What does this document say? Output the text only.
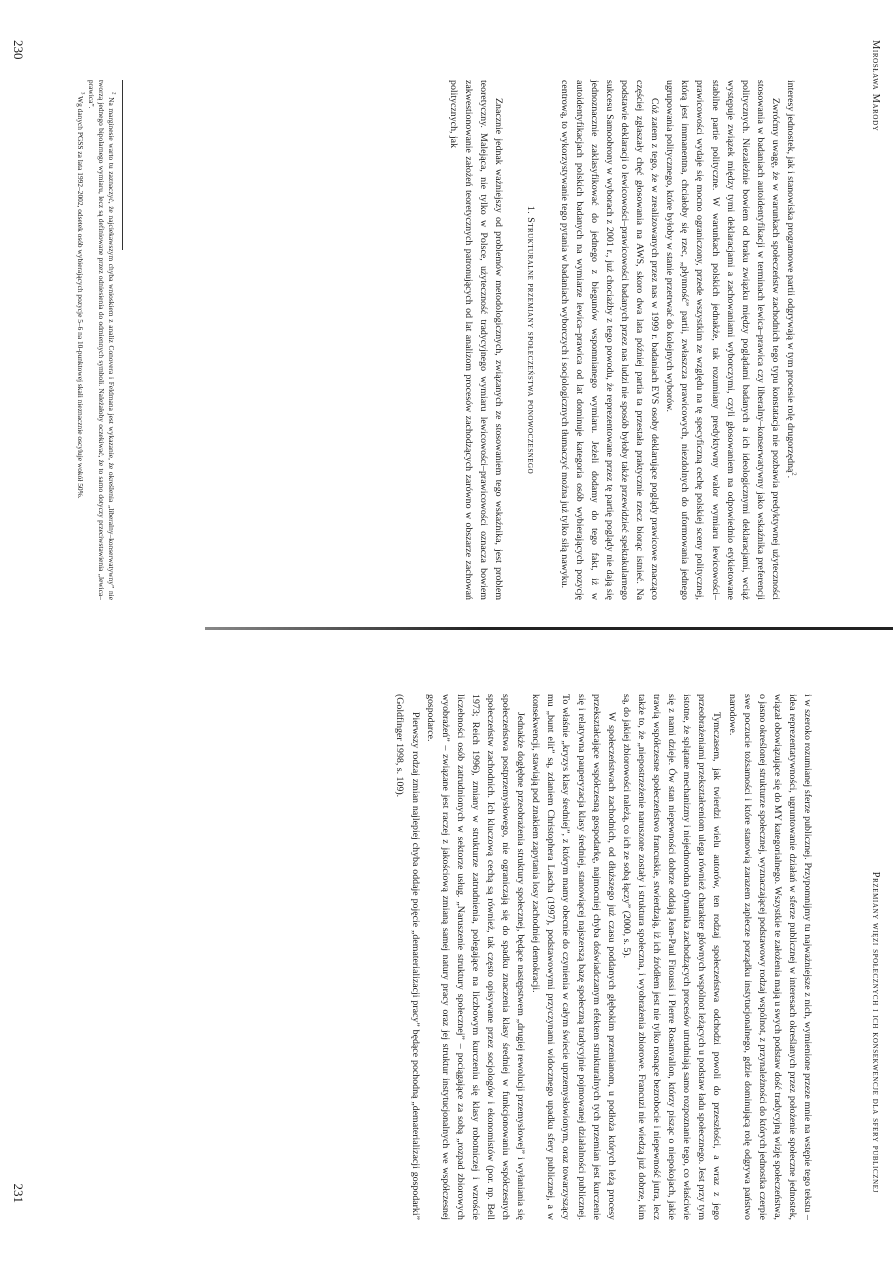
Mirosława Marody

interesy jednostek, jak i stanowiska programowe partii odgrywają w tym procesie rolę drugorzędną$^2$.

Zwróćmy uwagę, że w warunkach społeczeństw zachodnich tego typu konstatacja nie pozbawia predyktywnej użyteczności stosowania w badaniach autoidentyfikacji w terminach lewica–prawica czy liberalny–konserwatywny jako wskaźnika preferencji politycznych. Niezależnie bowiem od braku związku między poglądami badanych a ich ideologicznymi deklaracjami, wciąż występuje związek między tymi deklaracjami a zachowaniami wyborczymi, czyli głosowaniem na odpowiednio etykietowane stabilne partie polityczne. W warunkach polskich jednakże, tak rozumiany predyktywny walor wymiaru lewicowości–prawicowości wydaje się mocno ograniczony, przede wszystkim ze względu na tę specyficzną cechę polskiej sceny politycznej, którą jest immanentna, chciałoby się rzec, „płynność” partii, zwłaszcza prawicowych, niezdolnych do uformowania jednego ugrupowania politycznego, które byłoby w stanie przetrwać do kolejnych wyborów.

Cóż zatem z tego, że w zrealizowanych przez nas w 1999 r. badaniach EVS osoby deklarujące poglądy prawicowe znacząco częściej zgłaszały chęć głosowania na AWS, skoro dwa lata później partia ta przestała praktycznie rzecz biorąc istnieć. Na podstawie deklaracji o lewicowości–prawicowości badanych przez nas ludzi nie sposób byłoby także przewidzieć spektakularnego sukcesu Samoobrony w wyborach z 2001 r., już chociażby z tego powodu, że reprezentowane przez tę partię poglądy nie dają się jednoznacznie zaklasyfikować do jednego z biegunów wspomnianego wymiaru. Jeżeli dodamy do tego fakt, iż w autoidentyfikacjach polskich badanych na wymiarze lewica–prawica od lat dominuje kategoria osób wybierających pozycję centrową, to wykorzystywanie tego pytania w badaniach wyborczych i socjologicznych tłumaczyć można już tylko siłą nawyku.

1. Strukturalne przemiany społeczeństwa ponowoczesnego

Znacznie jednak ważniejszy od problemów metodologicznych, związanych ze stosowaniem tego wskaźnika, jest problem teoretyczny. Malejąca, nie tylko w Polsce, użyteczność tradycyjnego wymiaru lewicowości–prawicowości oznacza bowiem zakwestionowanie założeń teoretycznych patronujących od lat analizom procesów zachodzących zarówno w obszarze zachowań politycznych, jak

$^2$ Na marginesie warto tu zaznaczyć, że najciekawszym chyba wnioskiem z analiz Conovera i Feldmana jest wykazanie, że określenia „liberalny–konserwatywny” nie tworzą jednego bipolarnego wymiaru, lecz są definiowane przez odniesienia do odmiennych symboli. Należałoby oczekiwać, że to samo dotyczy przeciwstawienia „lewica–prawica”.

$^3$ Wg danych PGSS za lata 1992–2002, odsetek osób wybierających pozycje 5–6 na 10-punktowej skali nieznacznie oscyluje wokół 50%.

230
Przemiany więzi społecznych i ich konsekwencje dla sfery publicznej

i w szeroko rozumianej sferze publicznej. Przypomnijmy tu najważniejsze z nich, wymienione przeze mnie na wstępie tego tekstu – idea reprezentatywności, ugruntowanie działań w sferze publicznej w interesach określanych przez położenie społeczne jednostek, wiązał obowiązujące się do MY kategorialnego. Wszystkie te założenia mają u swych podstaw dość tradycyjną wizję społeczeństwa, o jasno określonej strukturze społecznej, wyznaczającej podstawowy rodzaj wspólnot, z przynależności do których jednostka czerpie swe poczucie tożsamości i które stanowią zarazem zaplecze porządku instytucjonalnego, gdzie dominującą rolę odgrywa państwo narodowe.

Tymczasem, jak twierdzi wielu autorów, ten rodzaj społeczeństwa odchodzi powoli do przeszłości, a wraz z jego przeobrażeniami przekształceniom ulega również charakter głównych wspólnot leżących u podstaw ładu społecznego. Jest przy tym istotne, że splątane mechanizmy i niejednorodna dynamika zachodzących procesów utrudniają samo rozpoznanie tego, co właściwie się z nami dzieje. Ów stan niepewności dobrze oddają Jean-Paul Fitoussi i Pierre Rosanvallon, którzy pisząc o niepokojach, jakie trawią współczesne społeczeństwo francuskie, stwierdzają, iż ich źródłem jest nie tylko rosnące bezrobocie i niepewność jutra, lecz także to, że „niepostrzeżenie naruszone zostały i struktura społeczna, i wyobrażenia zbiorowe. Francuzi nie wiedzą już dobrze, kim są, do jakiej zbiorowości należą, co ich ze sobą łączy” (2000, s. 5).

W społeczeństwach zachodnich, od dłuższego już czasu poddanych głębokim przemianom, u podłoża których leżą procesy przekształcające współczesną gospodarkę, najmocniej chyba doświadczanym efektem strukturalnych tych przemian jest kurczenie się i relatywna pauperyzacja klasy średniej, stanowiącej najszerszą bazę społeczną tradycyjnie pojmowanej działalności publicznej. To właśnie „kryzys klasy średniej”, z którym mamy obecnie do czynienia w całym świecie uprzemysłowionym, oraz towarzyszący mu „bunt elit” są, zdaniem Christophera Lascha (1997), podstawowymi przyczynami widocznego upadku sfery publicznej, a w konsekwencji, stawiają pod znakiem zapytania losy zachodniej demokracji.

Jednakże dogłębne przeobrażenia struktury społecznej, będące następstwem „drugiej rewolucji przemysłowej” i wyłaniania się społeczeństwa postprzemysłowego, nie ograniczają się do spadku znaczenia klasy średniej w funkcjonowaniu współczesnych społeczeństw zachodnich. Ich kluczową cechą są również, tak często opisywane przez socjologów i ekonomistów (por. np. Bell 1973; Reich 1996), zmiany w strukturze zatrudnienia, polegające na liczbowym kurczeniu się klasy robotniczej i wzroście liczebności osób zatrudnionych w sektorze usług. „Naruszenie struktury społecznej” – pociągające za sobą „rozpad zbiorowych wyobrażeń” – związane jest raczej z jakościową zmianą samej natury pracy oraz jej struktur instytucjonalnych we współczesnej gospodarce.

Pierwszy rodzaj zmian najlepiej chyba oddaje pojęcie „dematerializacji pracy” będące pochodną „dematerializacji gospodarki” (Goldfinger 1998, s. 109).

231
